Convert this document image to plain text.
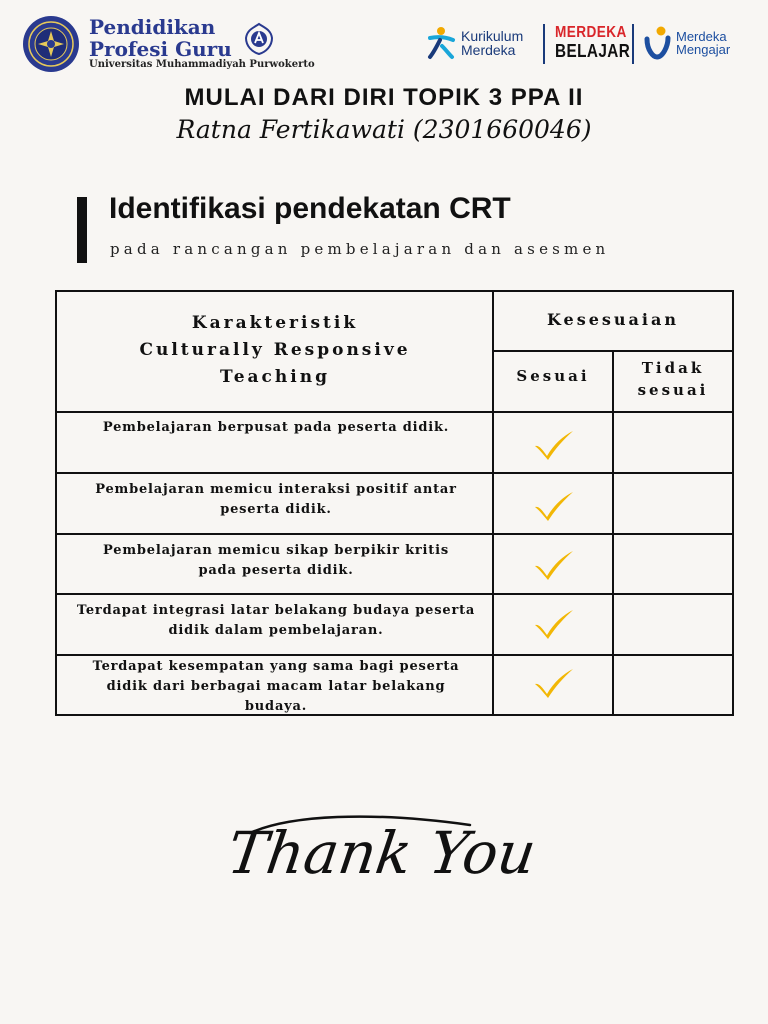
Pendidikan
Profesi Guru
Universitas Muhammadiyah Purwokerto
Kurikulum
Merdeka
MERDEKA
BELAJAR
Merdeka
Mengajar
MULAI DARI DIRI TOPIK 3 PPA II
Ratna Fertikawati (2301660046)
Identifikasi pendekatan CRT
pada rancangan pembelajaran dan asesmen
Karakteristik
Culturally Responsive
Teaching
Kesesuaian
Sesuai	Tidak
sesuai
Pembelajaran berpusat pada peserta didik.
Pembelajaran memicu interaksi positif antar
peserta didik.
Pembelajaran memicu sikap berpikir kritis
pada peserta didik.
Terdapat integrasi latar belakang budaya peserta
didik dalam pembelajaran.
Terdapat kesempatan yang sama bagi peserta
didik dari berbagai macam latar belakang
budaya.
Thank You
